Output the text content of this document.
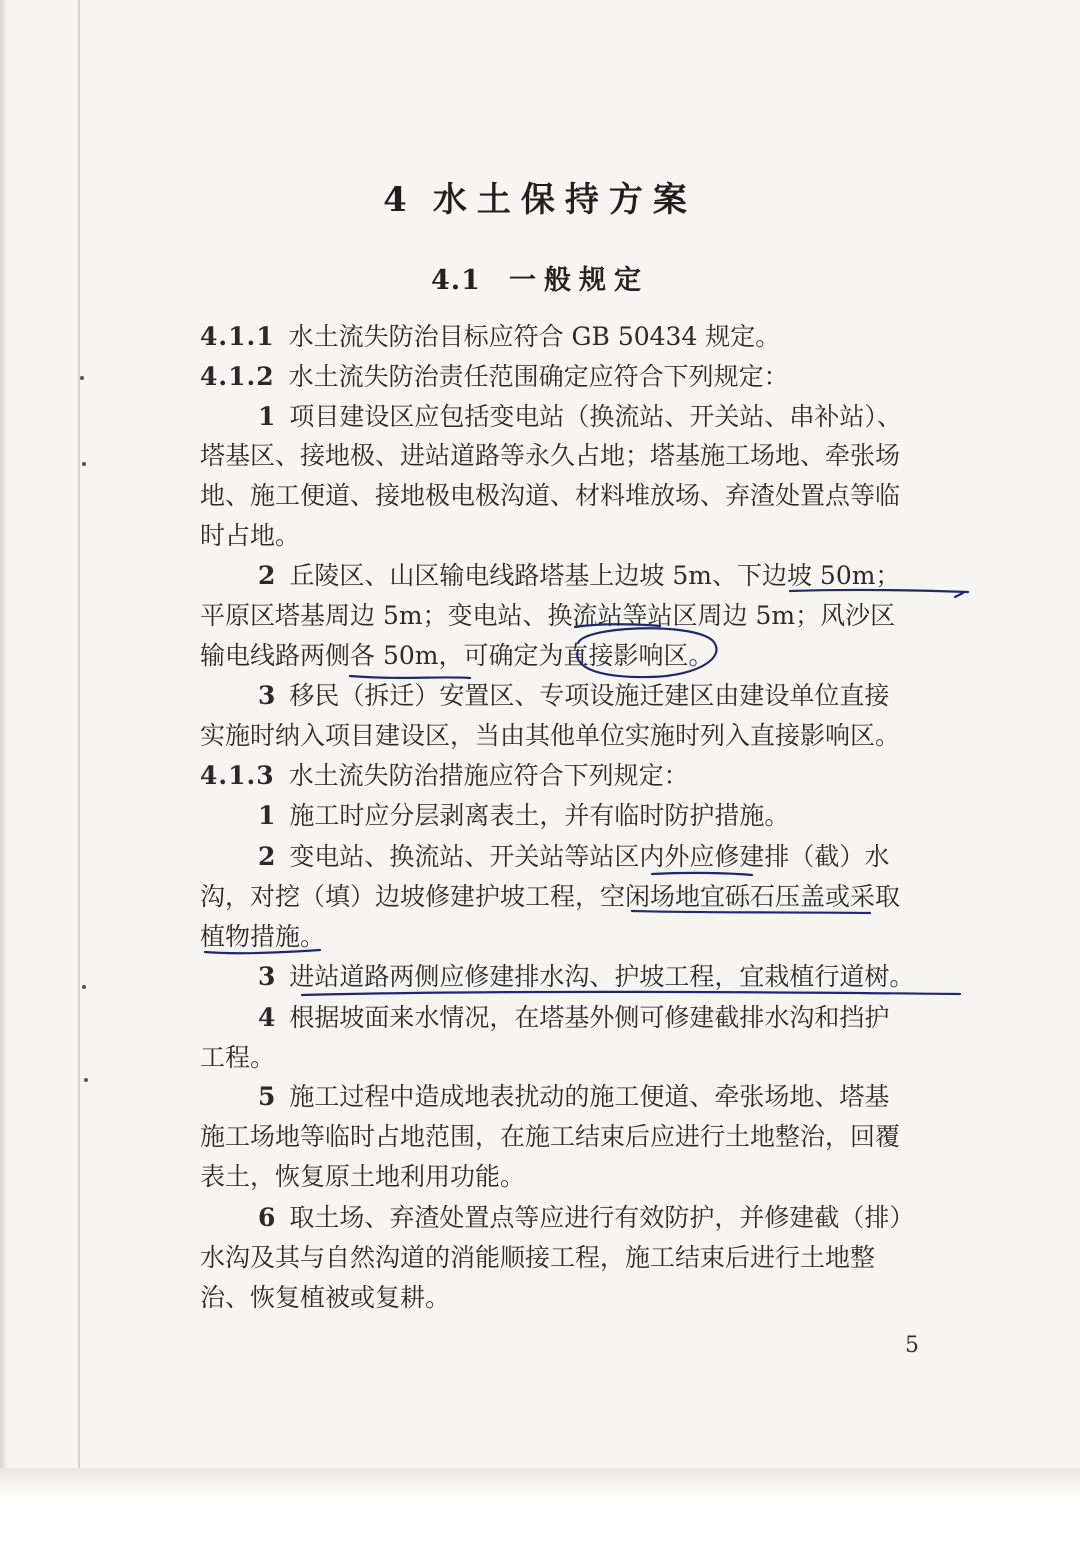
4 水土保持方案
4.1 一般规定
4.1.1 水土流失防治目标应符合 GB 50434 规定。
4.1.2 水土流失防治责任范围确定应符合下列规定：
1 项目建设区应包括变电站（换流站、开关站、串补站）、
塔基区、接地极、进站道路等永久占地；塔基施工场地、牵张场
地、施工便道、接地极电极沟道、材料堆放场、弃渣处置点等临
时占地。
2 丘陵区、山区输电线路塔基上边坡 5m、下边坡 50m；
平原区塔基周边 5m；变电站、换流站等站区周边 5m；风沙区
输电线路两侧各 50m，可确定为直接影响区。
3 移民（拆迁）安置区、专项设施迁建区由建设单位直接
实施时纳入项目建设区，当由其他单位实施时列入直接影响区。
4.1.3 水土流失防治措施应符合下列规定：
1 施工时应分层剥离表土，并有临时防护措施。
2 变电站、换流站、开关站等站区内外应修建排（截）水
沟，对挖（填）边坡修建护坡工程，空闲场地宜砾石压盖或采取
植物措施。
3 进站道路两侧应修建排水沟、护坡工程，宜栽植行道树。
4 根据坡面来水情况，在塔基外侧可修建截排水沟和挡护
工程。
5 施工过程中造成地表扰动的施工便道、牵张场地、塔基
施工场地等临时占地范围，在施工结束后应进行土地整治，回覆
表土，恢复原土地利用功能。
6 取土场、弃渣处置点等应进行有效防护，并修建截（排）
水沟及其与自然沟道的消能顺接工程，施工结束后进行土地整
治、恢复植被或复耕。
5
